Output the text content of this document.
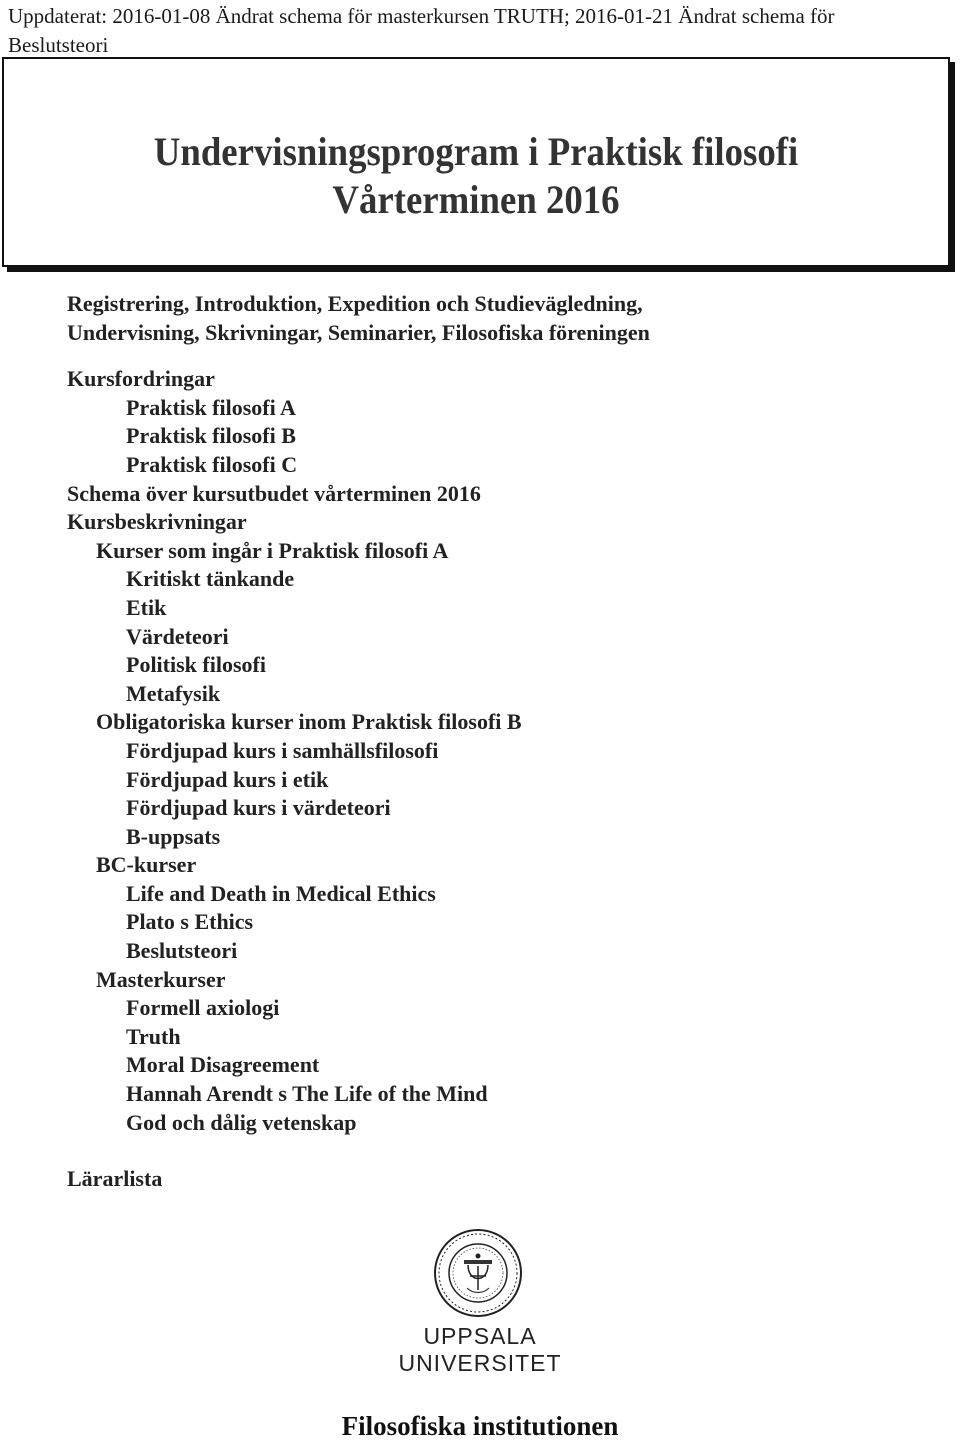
Uppdaterat: 2016-01-08 Ändrat schema för masterkursen TRUTH; 2016-01-21 Ändrat schema för Beslutsteori
Undervisningsprogram i Praktisk filosofi
Vårterminen 2016
Registrering, Introduktion, Expedition och Studievägledning,
Undervisning, Skrivningar, Seminarier, Filosofiska föreningen
Kursfordringar
Praktisk filosofi A
Praktisk filosofi B
Praktisk filosofi C
Schema över kursutbudet vårterminen 2016
Kursbeskrivningar
Kurser som ingår i Praktisk filosofi A
Kritiskt tänkande
Etik
Värdeteori
Politisk filosofi
Metafysik
Obligatoriska kurser inom Praktisk filosofi B
Fördjupad kurs i samhällsfilosofi
Fördjupad kurs i etik
Fördjupad kurs i värdeteori
B-uppsats
BC-kurser
Life and Death in Medical Ethics
Plato s Ethics
Beslutsteori
Masterkurser
Formell axiologi
Truth
Moral Disagreement
Hannah Arendt s The Life of the Mind
God och dålig vetenskap
Lärarlista
UPPSALA
UNIVERSITET
Filosofiska institutionen
